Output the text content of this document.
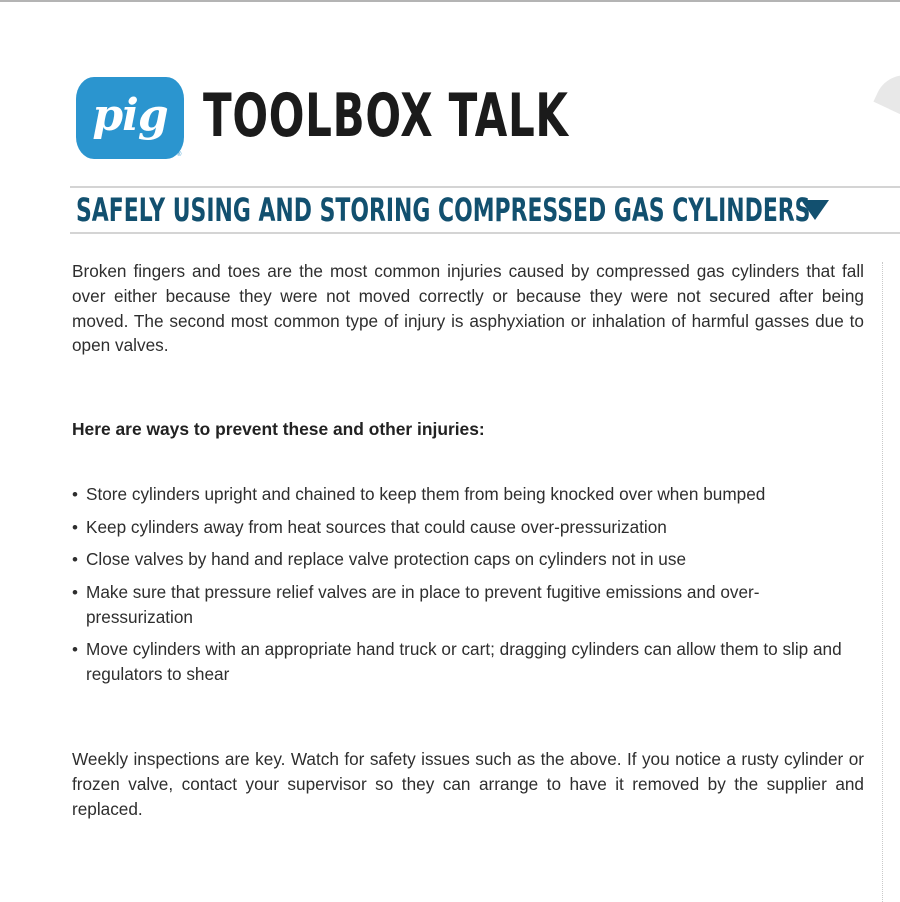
pig
®
TOOLBOX TALK
SAFELY USING AND STORING COMPRESSED GAS CYLINDERS

Broken fingers and toes are the most common injuries caused by compressed gas cylinders that fall over either because they were not moved correctly or because they were not secured after being moved. The second most common type of injury is asphyxiation or inhalation of harmful gasses due to open valves.

Here are ways to prevent these and other injuries:
• Store cylinders upright and chained to keep them from being knocked over when bumped
• Keep cylinders away from heat sources that could cause over-pressurization
• Close valves by hand and replace valve protection caps on cylinders not in use
• Make sure that pressure relief valves are in place to prevent fugitive emissions and over-pressurization
• Move cylinders with an appropriate hand truck or cart; dragging cylinders can allow them to slip and regulators to shear

Weekly inspections are key. Watch for safety issues such as the above. If you notice a rusty cylinder or frozen valve, contact your supervisor so they can arrange to have it removed by the supplier and replaced.
